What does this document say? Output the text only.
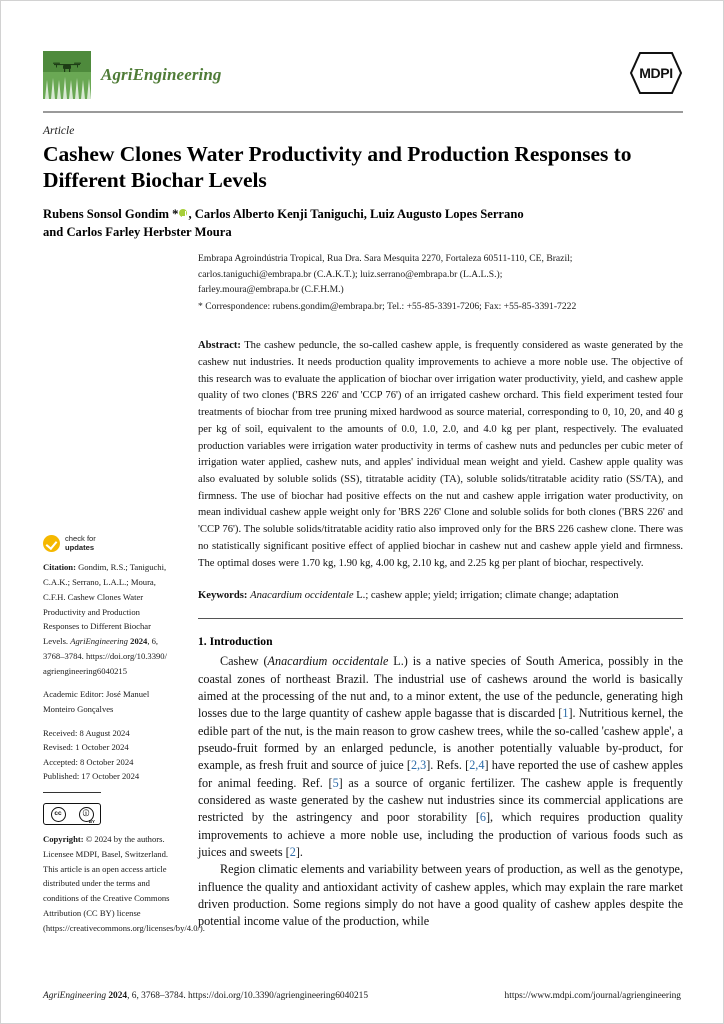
AgriEngineering	MDPI
Article
Cashew Clones Water Productivity and Production Responses to Different Biochar Levels
Rubens Sonsol Gondim * , Carlos Alberto Kenji Taniguchi, Luiz Augusto Lopes Serrano
and Carlos Farley Herbster Moura
Embrapa Agroindústria Tropical, Rua Dra. Sara Mesquita 2270, Fortaleza 60511-110, CE, Brazil;
carlos.taniguchi@embrapa.br (C.A.K.T.); luiz.serrano@embrapa.br (L.A.L.S.);
farley.moura@embrapa.br (C.F.H.M.)
* Correspondence: rubens.gondim@embrapa.br; Tel.: +55-85-3391-7206; Fax: +55-85-3391-7222
Abstract: The cashew peduncle, the so-called cashew apple, is frequently considered as waste generated by the cashew nut industries. It needs production quality improvements to achieve a more noble use. The objective of this research was to evaluate the application of biochar over irrigation water productivity, yield, and cashew apple quality of two clones ('BRS 226' and 'CCP 76') of an irrigated cashew orchard. This field experiment tested four treatments of biochar from tree pruning mixed hardwood as source material, corresponding to 0, 10, 20, and 40 g per kg of soil, equivalent to the amounts of 0.0, 1.0, 2.0, and 4.0 kg per plant, respectively. The evaluated production variables were irrigation water productivity in terms of cashew nuts and peduncles per cubic meter of irrigation water applied, cashew nuts, and apples' individual mean weight and yield. Cashew apple quality was also evaluated by soluble solids (SS), titratable acidity (TA), soluble solids/titratable acidity ratio (SS/TA), and firmness. The use of biochar had positive effects on the nut and cashew apple irrigation water productivity, on mean individual cashew apple weight only for 'BRS 226' Clone and soluble solids for both clones ('BRS 226' and 'CCP 76'). The soluble solids/titratable acidity ratio also improved only for the BRS 226 cashew clone. There was no statistically significant positive effect of applied biochar in cashew nut and cashew apple yield and firmness. The optimal doses were 1.70 kg, 1.90 kg, 4.00 kg, 2.10 kg, and 2.25 kg per plant of biochar, respectively.
Keywords: Anacardium occidentale L.; cashew apple; yield; irrigation; climate change; adaptation
1. Introduction

Cashew (Anacardium occidentale L.) is a native species of South America, possibly in the coastal zones of northeast Brazil. The industrial use of cashews around the world is basically aimed at the processing of the nut and, to a minor extent, the use of the peduncle, generating high losses due to the large quantity of cashew apple bagasse that is discarded [1]. Nutritious kernel, the edible part of the nut, is the main reason to grow cashew trees, while the so-called 'cashew apple', a pseudo-fruit formed by an enlarged peduncle, is another potentially valuable by-product, for example, as fresh fruit and source of juice [2,3]. Refs. [2,4] have reported the use of cashew apples for animal feeding. Ref. [5] as a source of organic fertilizer. The cashew apple is frequently considered as waste generated by the cashew nut industries since its commercial applications are restricted by the astringency and poor storability [6], which requires production quality improvements to achieve a more noble use, including the production of various foods such as juices and sweets [2].

Region climatic elements and variability between years of production, as well as the genotype, influence the quality and antioxidant activity of cashew apples, which may explain the rare market driven production. Some regions simply do not have a good quality of cashew apples despite the potential income value of the production, while

check for
updates
Citation: Gondim, R.S.; Taniguchi, C.A.K.; Serrano, L.A.L.; Moura, C.F.H. Cashew Clones Water Productivity and Production Responses to Different Biochar Levels. AgriEngineering 2024, 6, 3768–3784. https://doi.org/10.3390/ agriengineering6040215
Academic Editor: José Manuel Monteiro Gonçalves
Received: 8 August 2024
Revised: 1 October 2024
Accepted: 8 October 2024
Published: 17 October 2024
cc	ⓘ
BY
Copyright: © 2024 by the authors. Licensee MDPI, Basel, Switzerland. This article is an open access article distributed under the terms and conditions of the Creative Commons Attribution (CC BY) license (https://creativecommons.org/licenses/by/4.0/).
AgriEngineering 2024, 6, 3768–3784. https://doi.org/10.3390/agriengineering6040215	https://www.mdpi.com/journal/agriengineering
